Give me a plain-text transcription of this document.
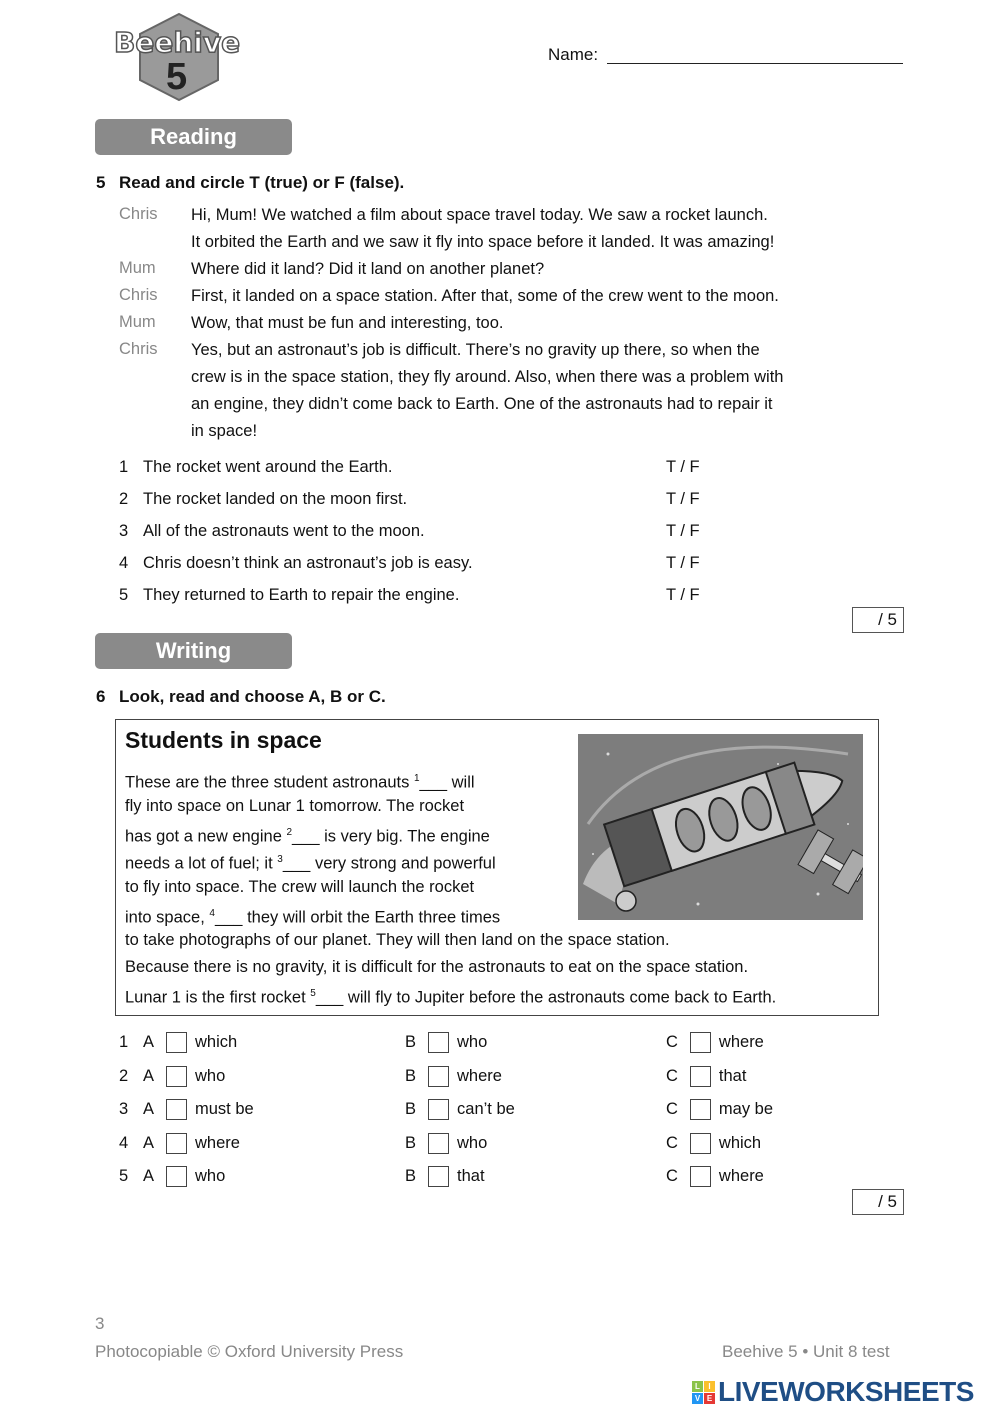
Beehive
5
Name:
Reading
5 Read and circle T (true) or F (false).
Chris Hi, Mum! We watched a film about space travel today. We saw a rocket launch.
It orbited the Earth and we saw it fly into space before it landed. It was amazing!
Mum Where did it land? Did it land on another planet?
Chris First, it landed on a space station. After that, some of the crew went to the moon.
Mum Wow, that must be fun and interesting, too.
Chris Yes, but an astronaut’s job is difficult. There’s no gravity up there, so when the
crew is in the space station, they fly around. Also, when there was a problem with
an engine, they didn’t come back to Earth. One of the astronauts had to repair it
in space!
1 The rocket went around the Earth.	T / F
2 The rocket landed on the moon first.	T / F
3 All of the astronauts went to the moon.	T / F
4 Chris doesn’t think an astronaut’s job is easy.	T / F
5 They returned to Earth to repair the engine.	T / F
/ 5
Writing
6 Look, read and choose A, B or C.
Students in space
These are the three student astronauts $^1$___ will
fly into space on Lunar 1 tomorrow. The rocket
has got a new engine $^2$___ is very big. The engine
needs a lot of fuel; it $^3$___ very strong and powerful
to fly into space. The crew will launch the rocket
into space, $^4$___ they will orbit the Earth three times
to take photographs of our planet. They will then land on the space station.
Because there is no gravity, it is difficult for the astronauts to eat on the space station.
Lunar 1 is the first rocket $^5$___ will fly to Jupiter before the astronauts come back to Earth.
1 A which	B who	C where
2 A who	B where	C that
3 A must be	B can’t be	C may be
4 A where	B who	C which
5 A who	B that	C where
/ 5
3
Photocopiable © Oxford University Press	Beehive 5 • Unit 8 test
L	I
V E LIVEWORKSHEETS
